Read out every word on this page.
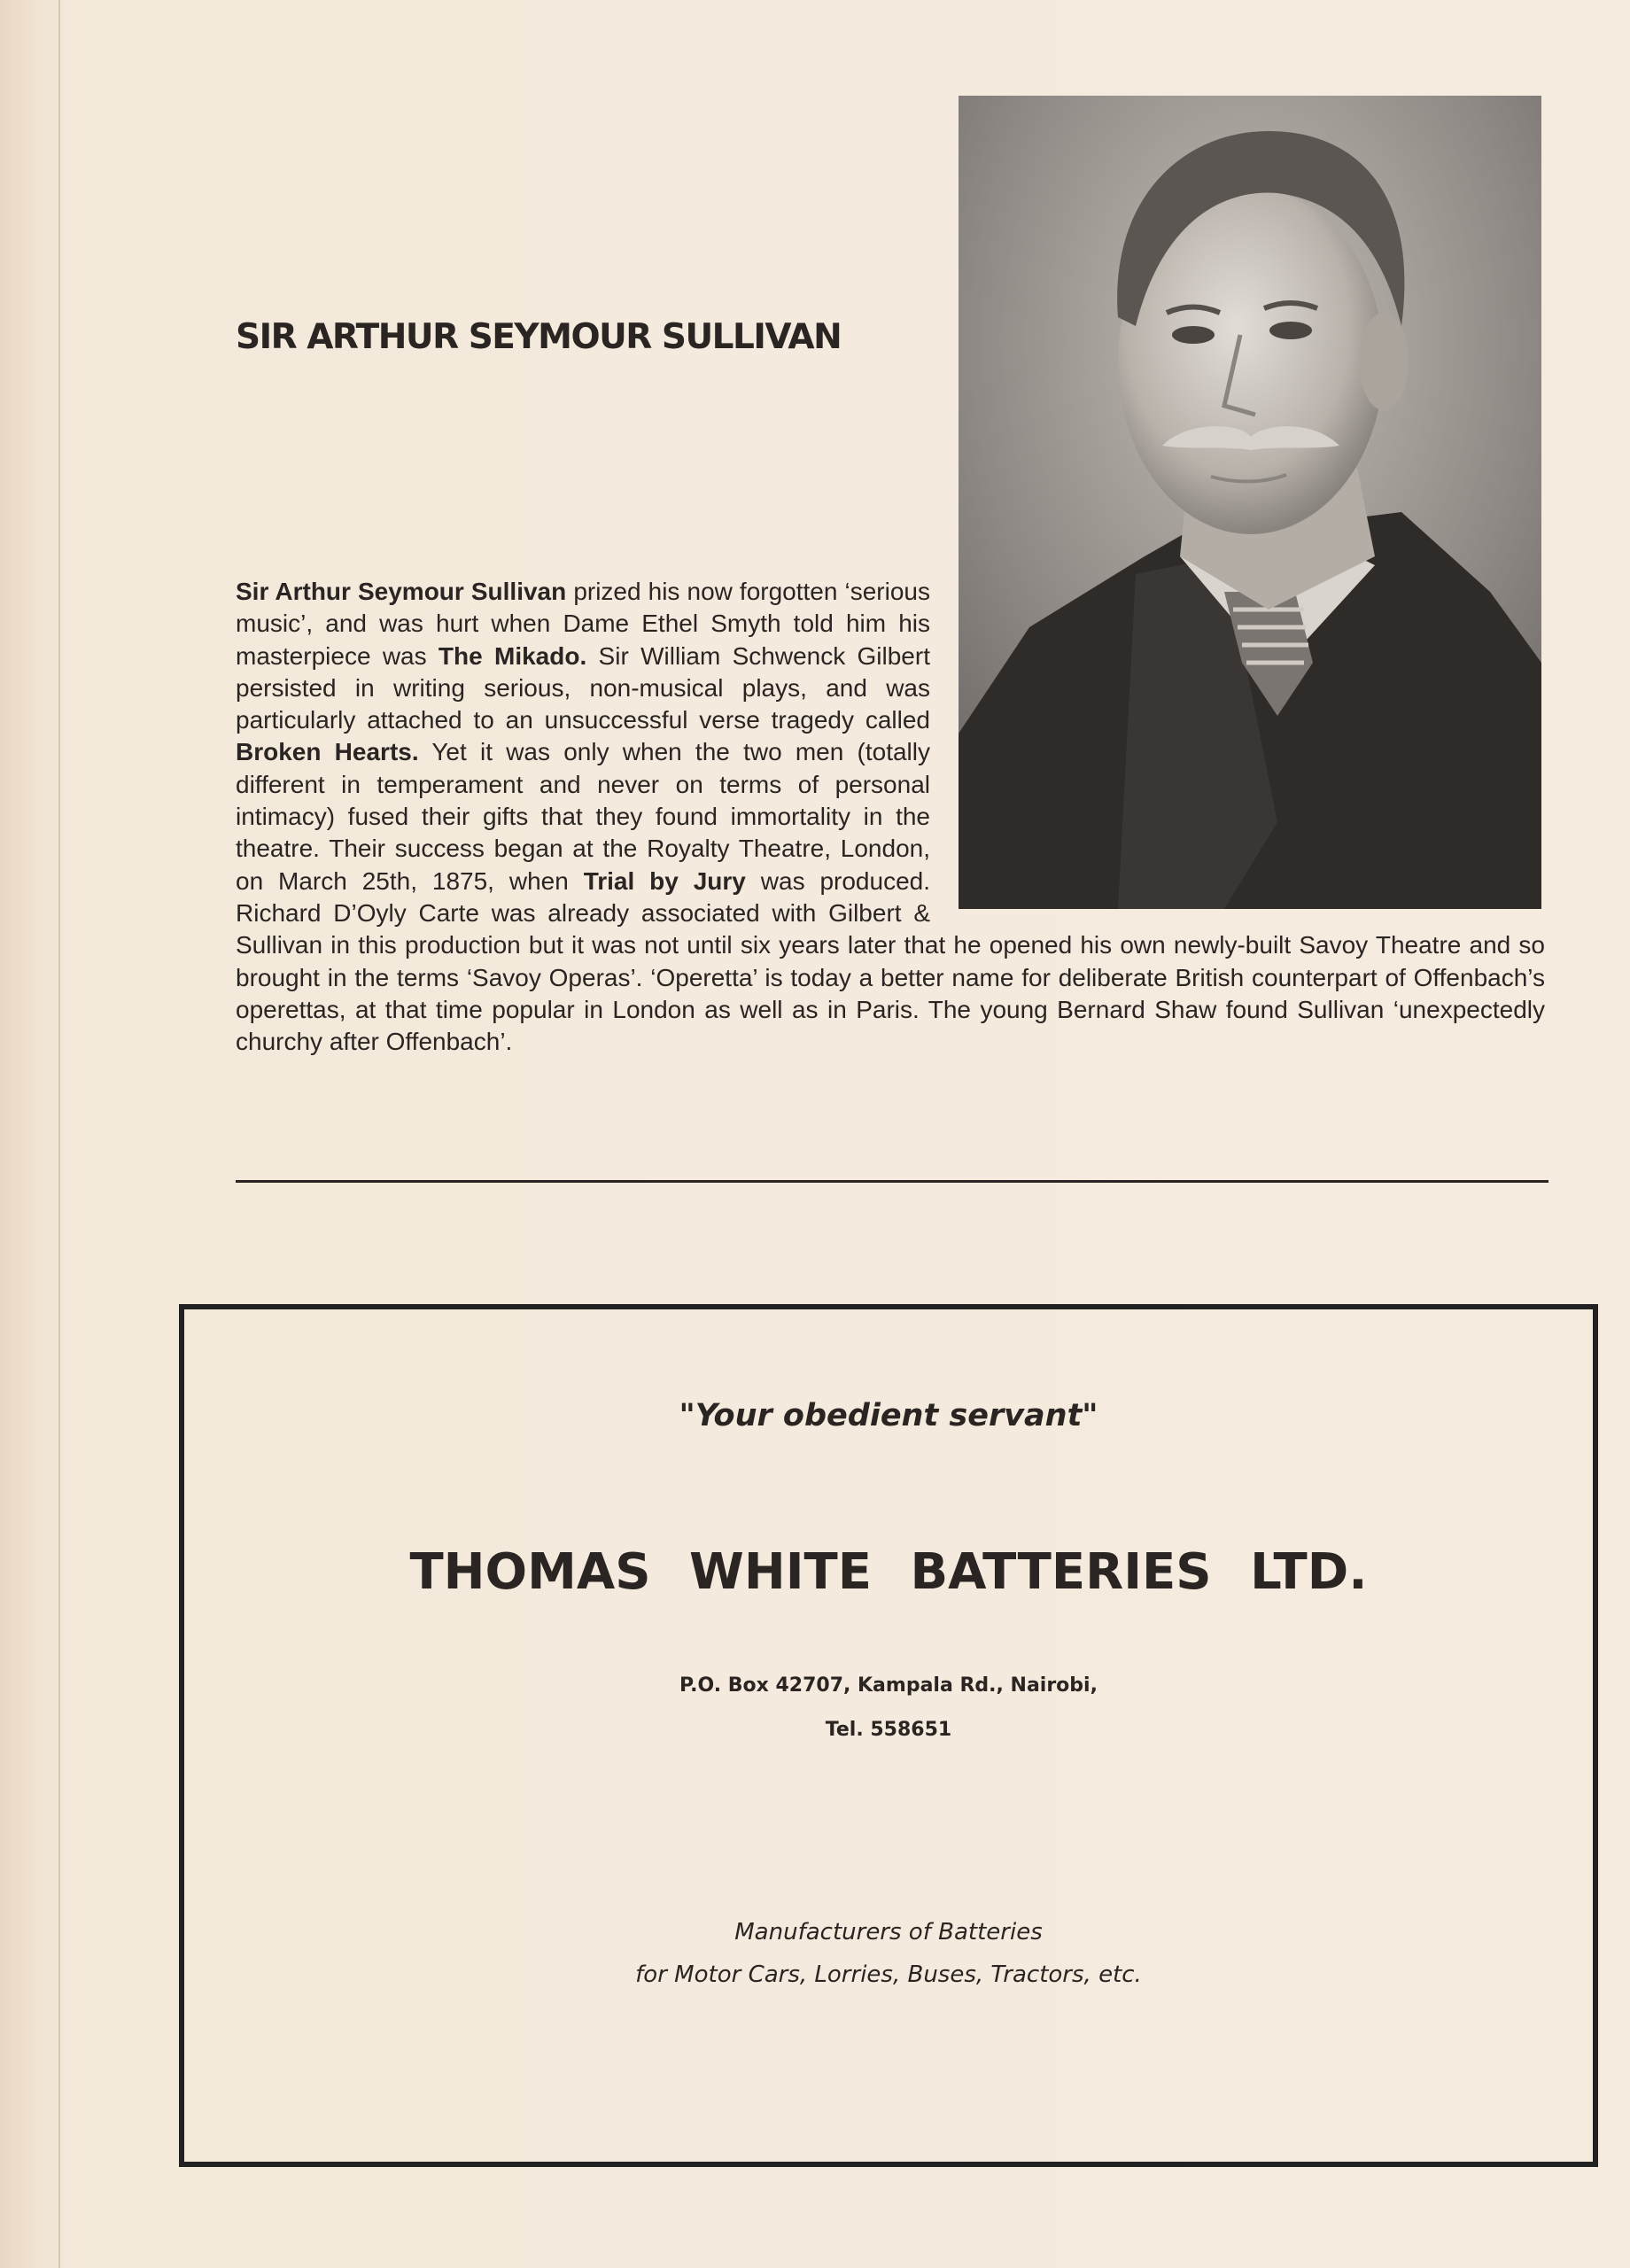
SIR ARTHUR SEYMOUR SULLIVAN

Sir Arthur Seymour Sullivan prized his now forgotten ‘serious music’, and was hurt when Dame Ethel Smyth told him his masterpiece was The Mikado. Sir William Schwenck Gilbert persisted in writing serious, non-musical plays, and was particularly attached to an unsuccessful verse tragedy called Broken Hearts. Yet it was only when the two men (totally different in temperament and never on terms of personal intimacy) fused their gifts that they found immortality in the theatre. Their success began at the Royalty Theatre, London, on March 25th, 1875, when Trial by Jury was produced. Richard D’Oyly Carte was already associated with Gilbert & Sullivan in this production but it was not until six years later that he opened his own newly-built Savoy Theatre and so brought in the terms ‘Savoy Operas’. ‘Operetta’ is today a better name for deliberate British counterpart of Offenbach’s operettas, at that time popular in London as well as in Paris. The young Bernard Shaw found Sullivan ‘unexpectedly churchy after Offenbach’.

"Your obedient servant"
THOMAS WHITE BATTERIES LTD.
P.O. Box 42707, Kampala Rd., Nairobi,
Tel. 558651
Manufacturers of Batteries
for Motor Cars, Lorries, Buses, Tractors, etc.
